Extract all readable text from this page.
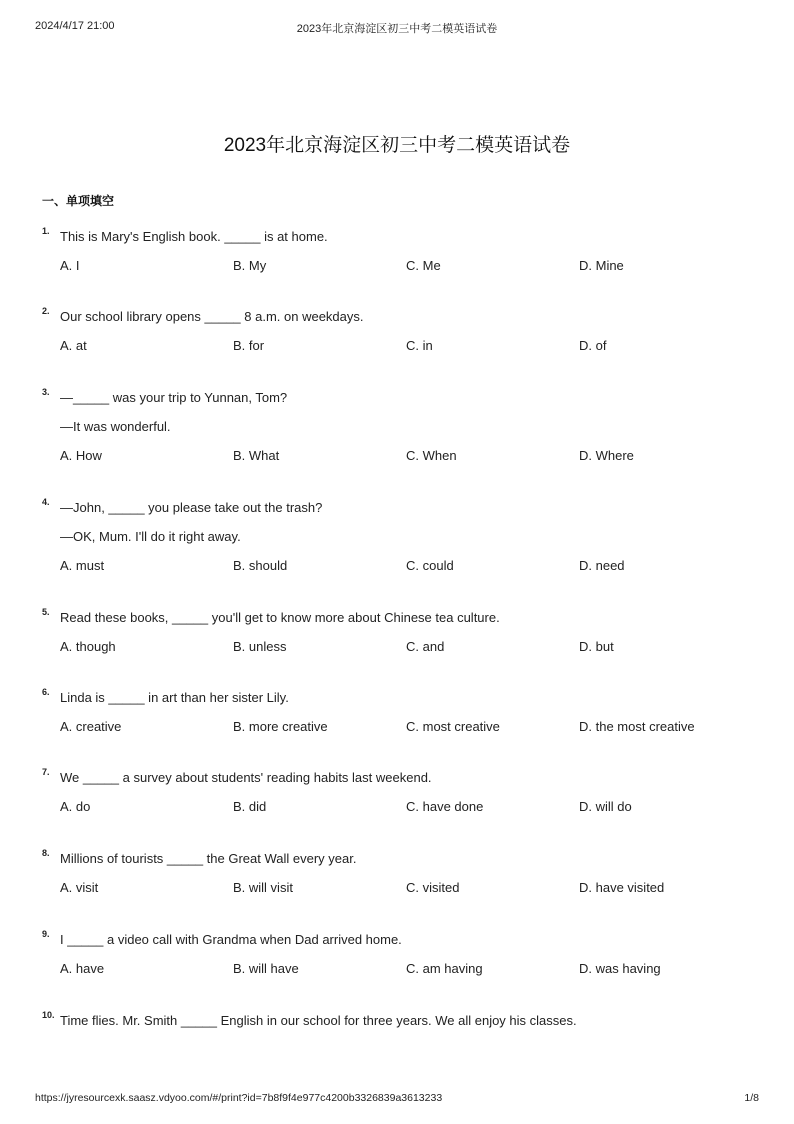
2024/4/17 21:00	2023年北京海淀区初三中考二模英语试卷
2023年北京海淀区初三中考二模英语试卷
一、单项填空
1. This is Mary's English book. _____ is at home.
A. I	B. My	C. Me	D. Mine
2. Our school library opens _____ 8 a.m. on weekdays.
A. at	B. for	C. in	D. of
3. —_____ was your trip to Yunnan, Tom?
—It was wonderful.
A. How	B. What	C. When	D. Where
4. —John, _____ you please take out the trash?
—OK, Mum. I'll do it right away.
A. must	B. should	C. could	D. need
5. Read these books, _____ you'll get to know more about Chinese tea culture.
A. though	B. unless	C. and	D. but
6. Linda is _____ in art than her sister Lily.
A. creative	B. more creative	C. most creative	D. the most creative
7. We _____ a survey about students' reading habits last weekend.
A. do	B. did	C. have done	D. will do
8. Millions of tourists _____ the Great Wall every year.
A. visit	B. will visit	C. visited	D. have visited
9. I _____ a video call with Grandma when Dad arrived home.
A. have	B. will have	C. am having	D. was having
10. Time flies. Mr. Smith _____ English in our school for three years. We all enjoy his classes.
https://jyresourcexk.saasz.vdyoo.com/#/print?id=7b8f9f4e977c4200b3326839a3613233	1/8
